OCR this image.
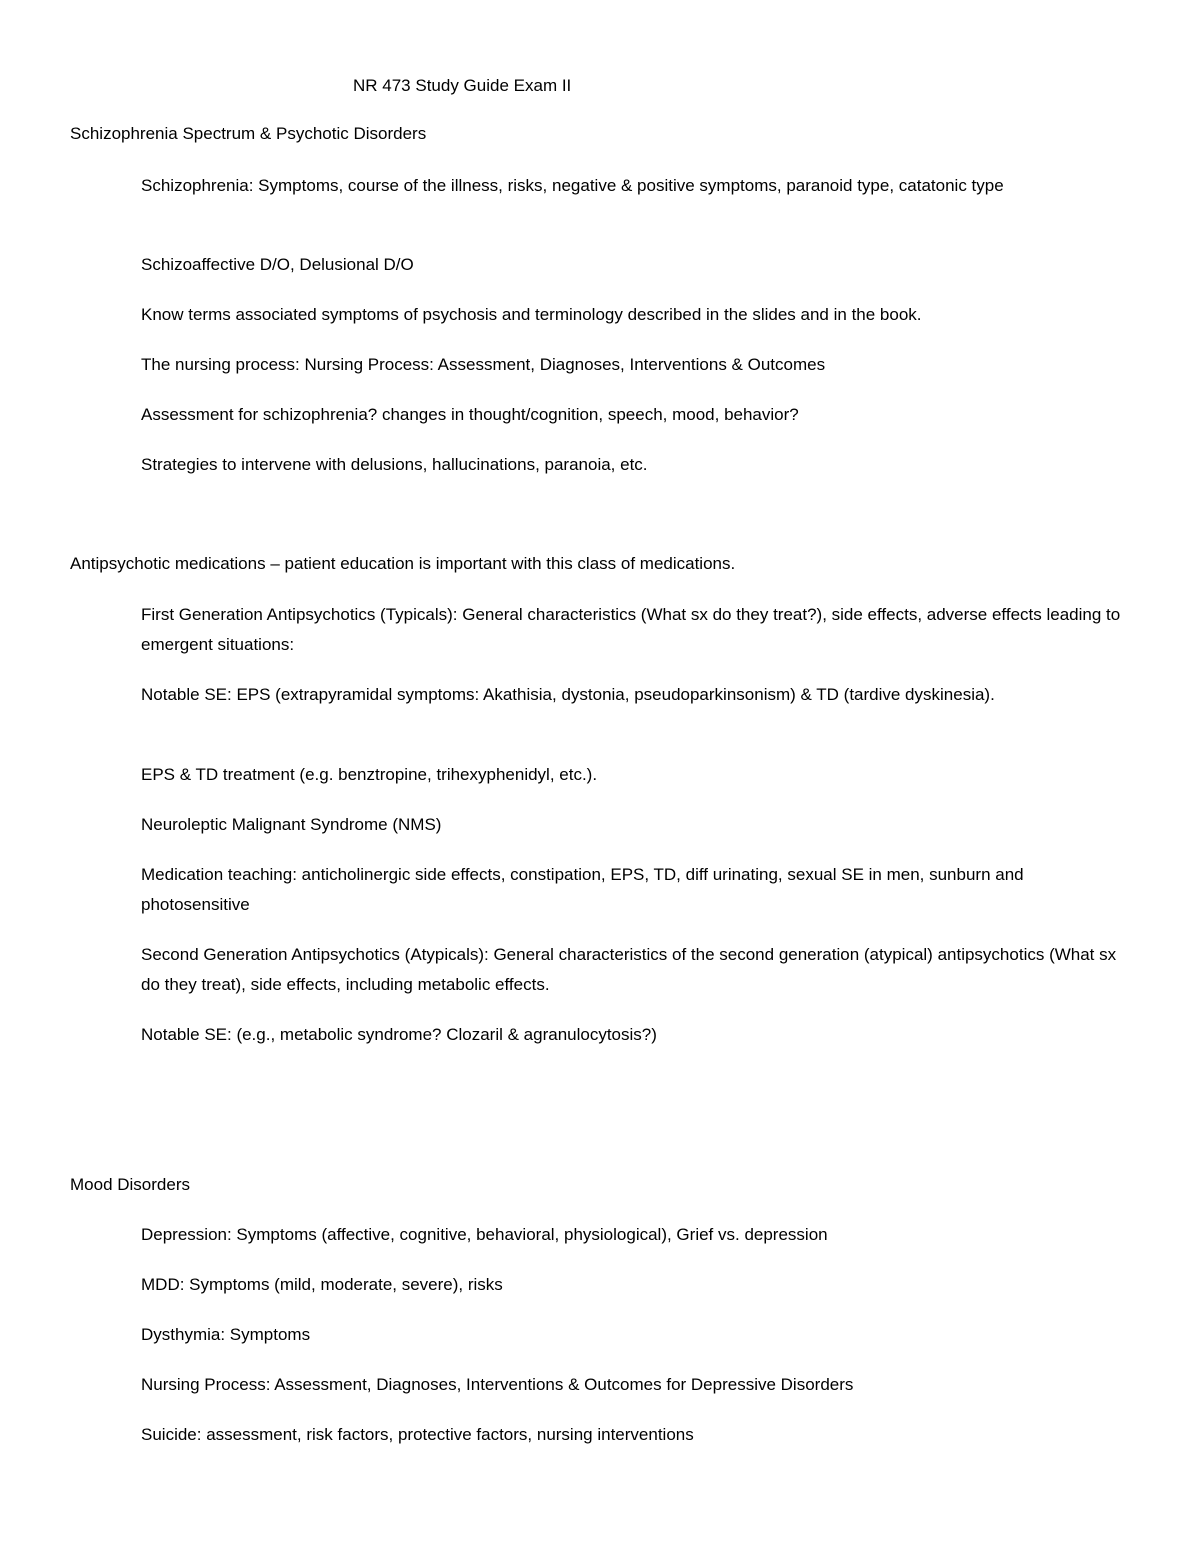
NR 473 Study Guide Exam II

Schizophrenia Spectrum & Psychotic Disorders

Schizophrenia: Symptoms, course of the illness, risks, negative & positive symptoms, paranoid type, catatonic type

Schizoaffective D/O, Delusional D/O

Know terms associated symptoms of psychosis and terminology described in the slides and in the book.

The nursing process: Nursing Process: Assessment, Diagnoses, Interventions & Outcomes

Assessment for schizophrenia? changes in thought/cognition, speech, mood, behavior?

Strategies to intervene with delusions, hallucinations, paranoia, etc.

Antipsychotic medications – patient education is important with this class of medications.

First Generation Antipsychotics (Typicals): General characteristics (What sx do they treat?), side effects, adverse effects leading to emergent situations:

Notable SE: EPS (extrapyramidal symptoms: Akathisia, dystonia, pseudoparkinsonism) & TD (tardive dyskinesia).

EPS & TD treatment (e.g. benztropine, trihexyphenidyl, etc.).

Neuroleptic Malignant Syndrome (NMS)

Medication teaching: anticholinergic side effects, constipation, EPS, TD, diff urinating, sexual SE in men, sunburn and photosensitive

Second Generation Antipsychotics (Atypicals): General characteristics of the second generation (atypical) antipsychotics (What sx do they treat), side effects, including metabolic effects.

Notable SE: (e.g., metabolic syndrome? Clozaril & agranulocytosis?)

Mood Disorders

Depression: Symptoms (affective, cognitive, behavioral, physiological), Grief vs. depression

MDD: Symptoms (mild, moderate, severe), risks

Dysthymia: Symptoms

Nursing Process: Assessment, Diagnoses, Interventions & Outcomes for Depressive Disorders

Suicide: assessment, risk factors, protective factors, nursing interventions
